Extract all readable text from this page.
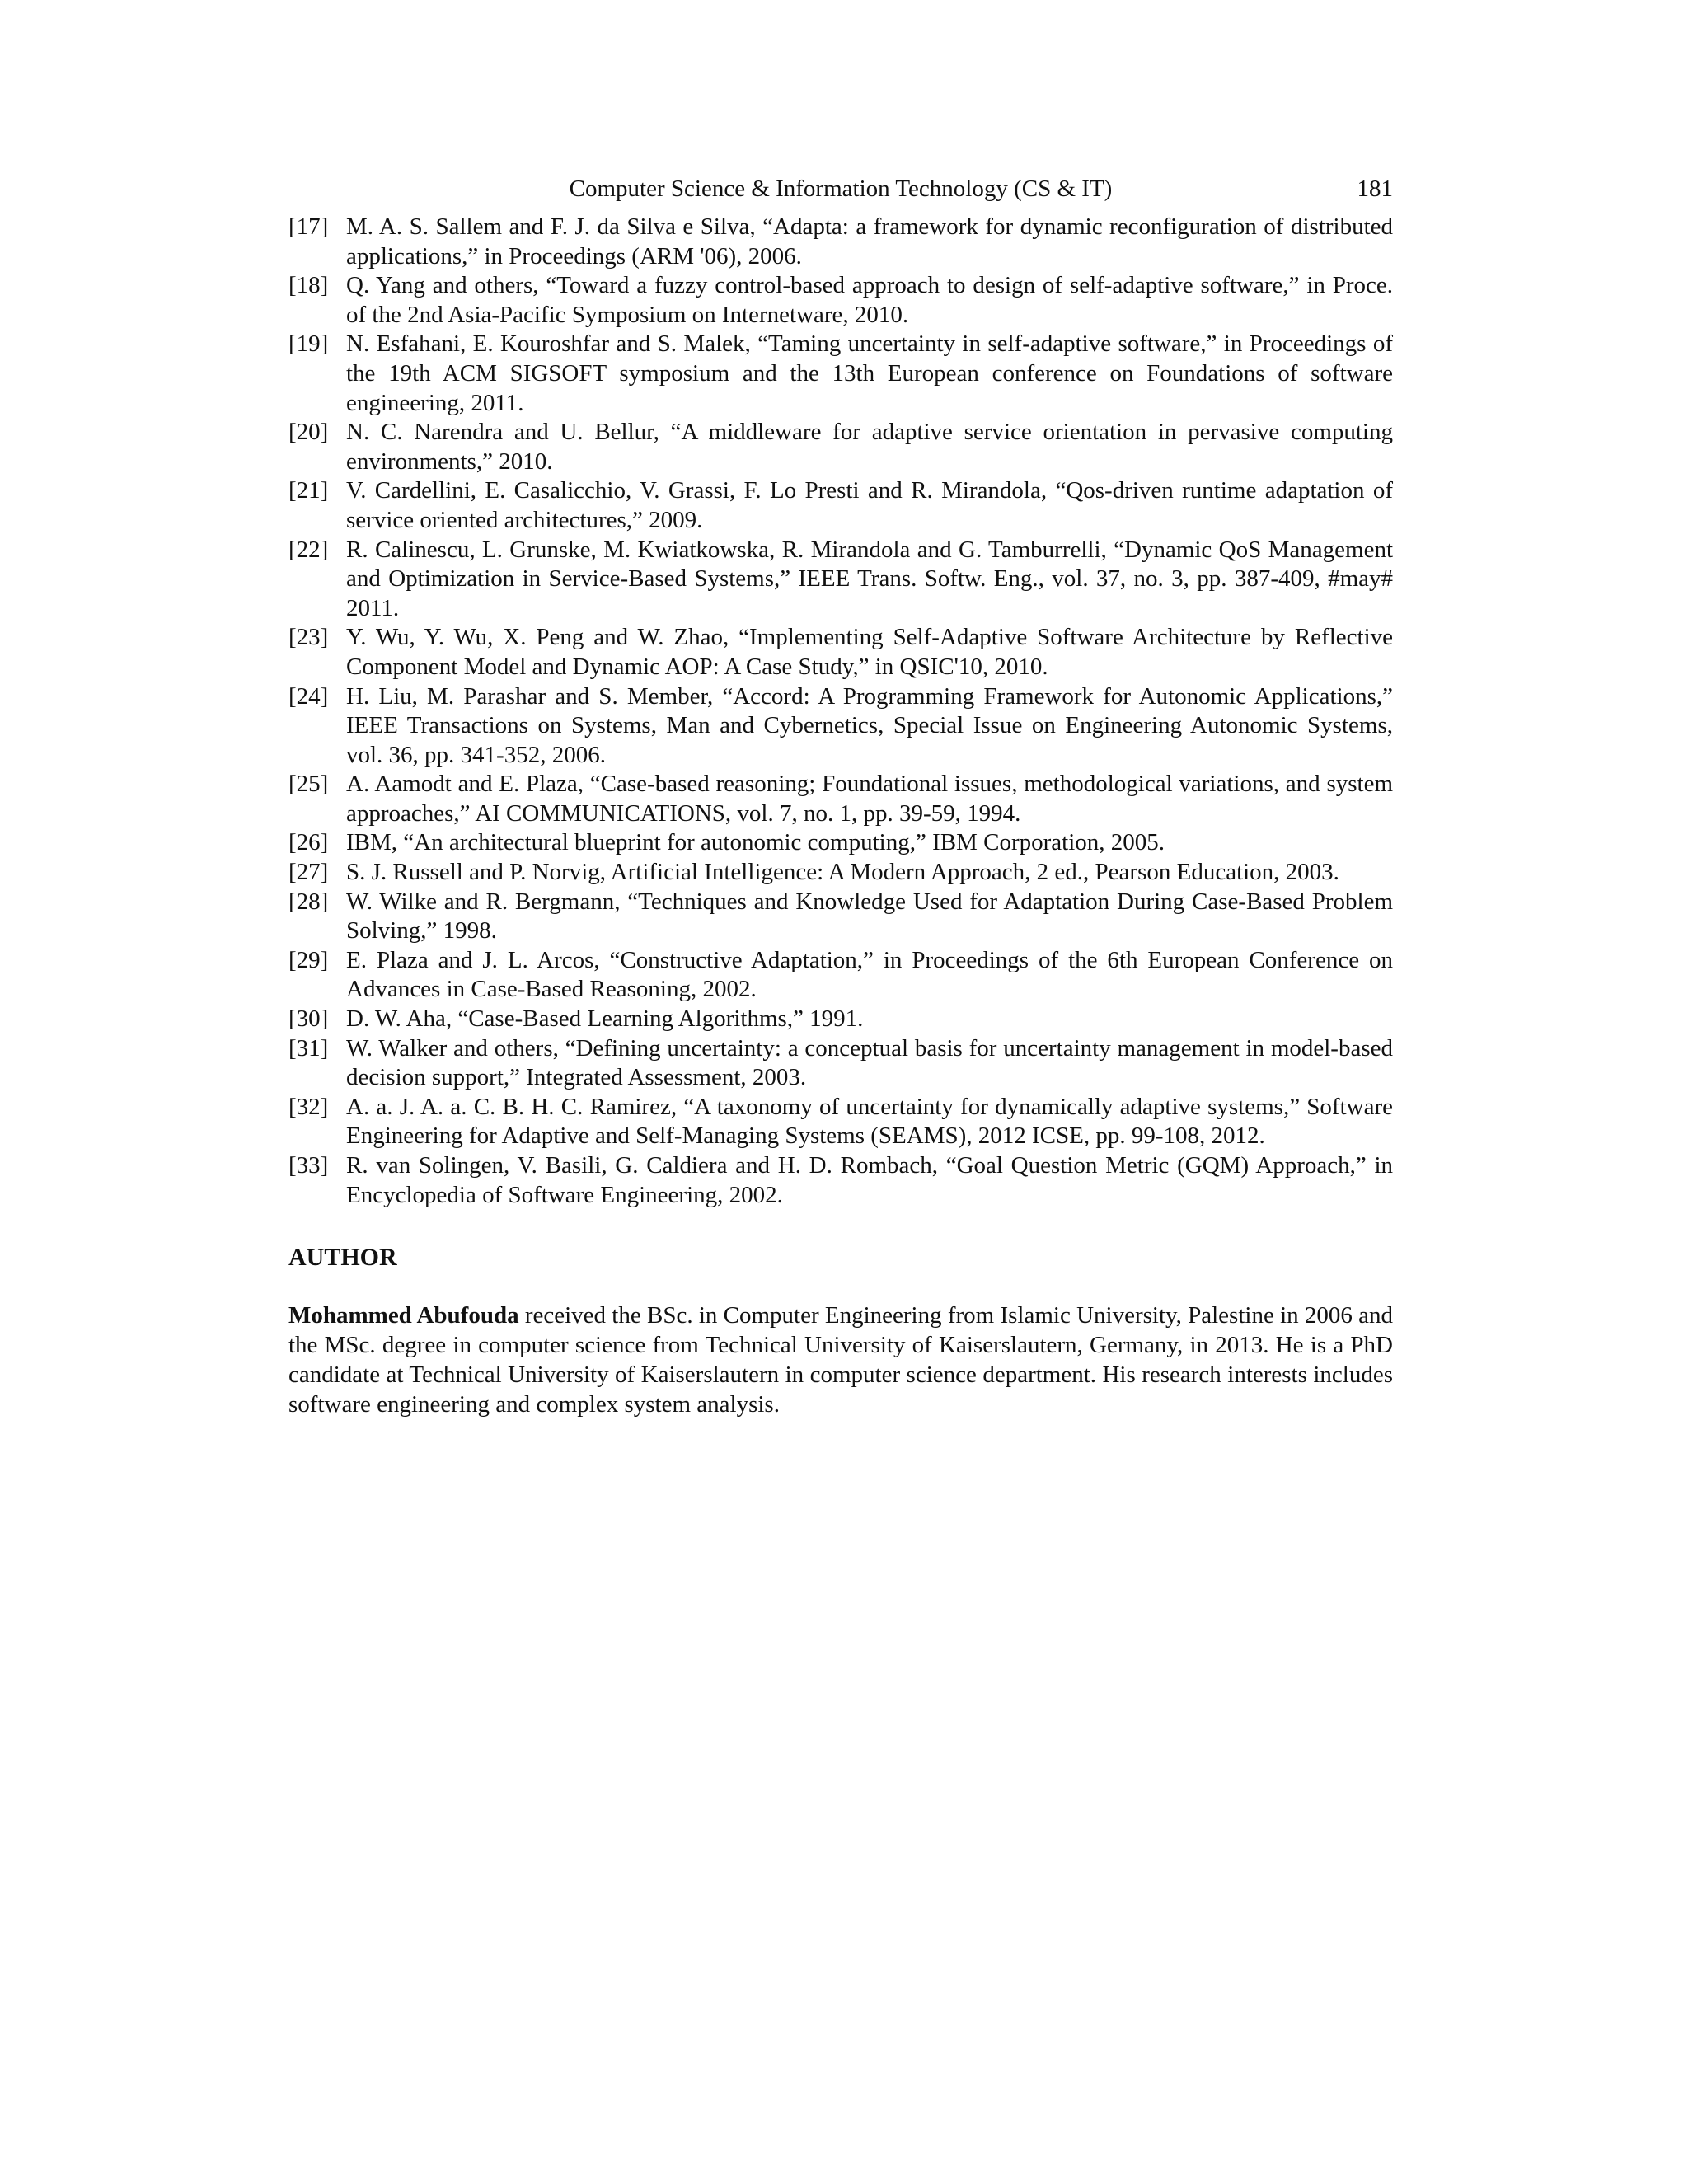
Computer Science & Information Technology (CS & IT)	181
[17] M. A. S. Sallem and F. J. da Silva e Silva, “Adapta: a framework for dynamic reconfiguration of distributed applications,” in Proceedings (ARM '06), 2006.
[18] Q. Yang and others, “Toward a fuzzy control-based approach to design of self-adaptive software,” in Proce. of the 2nd Asia-Pacific Symposium on Internetware, 2010.
[19] N. Esfahani, E. Kouroshfar and S. Malek, “Taming uncertainty in self-adaptive software,” in Proceedings of the 19th ACM SIGSOFT symposium and the 13th European conference on Foundations of software engineering, 2011.
[20] N. C. Narendra and U. Bellur, “A middleware for adaptive service orientation in pervasive computing environments,” 2010.
[21] V. Cardellini, E. Casalicchio, V. Grassi, F. Lo Presti and R. Mirandola, “Qos-driven runtime adaptation of service oriented architectures,” 2009.
[22] R. Calinescu, L. Grunske, M. Kwiatkowska, R. Mirandola and G. Tamburrelli, “Dynamic QoS Management and Optimization in Service-Based Systems,” IEEE Trans. Softw. Eng., vol. 37, no. 3, pp. 387-409, #may# 2011.
[23] Y. Wu, Y. Wu, X. Peng and W. Zhao, “Implementing Self-Adaptive Software Architecture by Reflective Component Model and Dynamic AOP: A Case Study,” in QSIC'10, 2010.
[24] H. Liu, M. Parashar and S. Member, “Accord: A Programming Framework for Autonomic Applications,” IEEE Transactions on Systems, Man and Cybernetics, Special Issue on Engineering Autonomic Systems, vol. 36, pp. 341-352, 2006.
[25] A. Aamodt and E. Plaza, “Case-based reasoning; Foundational issues, methodological variations, and system approaches,” AI COMMUNICATIONS, vol. 7, no. 1, pp. 39-59, 1994.
[26] IBM, “An architectural blueprint for autonomic computing,” IBM Corporation, 2005.
[27] S. J. Russell and P. Norvig, Artificial Intelligence: A Modern Approach, 2 ed., Pearson Education, 2003.
[28] W. Wilke and R. Bergmann, “Techniques and Knowledge Used for Adaptation During Case-Based Problem Solving,” 1998.
[29] E. Plaza and J. L. Arcos, “Constructive Adaptation,” in Proceedings of the 6th European Conference on Advances in Case-Based Reasoning, 2002.
[30] D. W. Aha, “Case-Based Learning Algorithms,” 1991.
[31] W. Walker and others, “Defining uncertainty: a conceptual basis for uncertainty management in model-based decision support,” Integrated Assessment, 2003.
[32] A. a. J. A. a. C. B. H. C. Ramirez, “A taxonomy of uncertainty for dynamically adaptive systems,” Software Engineering for Adaptive and Self-Managing Systems (SEAMS), 2012 ICSE, pp. 99-108, 2012.
[33] R. van Solingen, V. Basili, G. Caldiera and H. D. Rombach, “Goal Question Metric (GQM) Approach,” in Encyclopedia of Software Engineering, 2002.
AUTHOR

Mohammed Abufouda received the BSc. in Computer Engineering from Islamic University, Palestine in 2006 and the MSc. degree in computer science from Technical University of Kaiserslautern, Germany, in 2013. He is a PhD candidate at Technical University of Kaiserslautern in computer science department. His research interests includes software engineering and complex system analysis.
